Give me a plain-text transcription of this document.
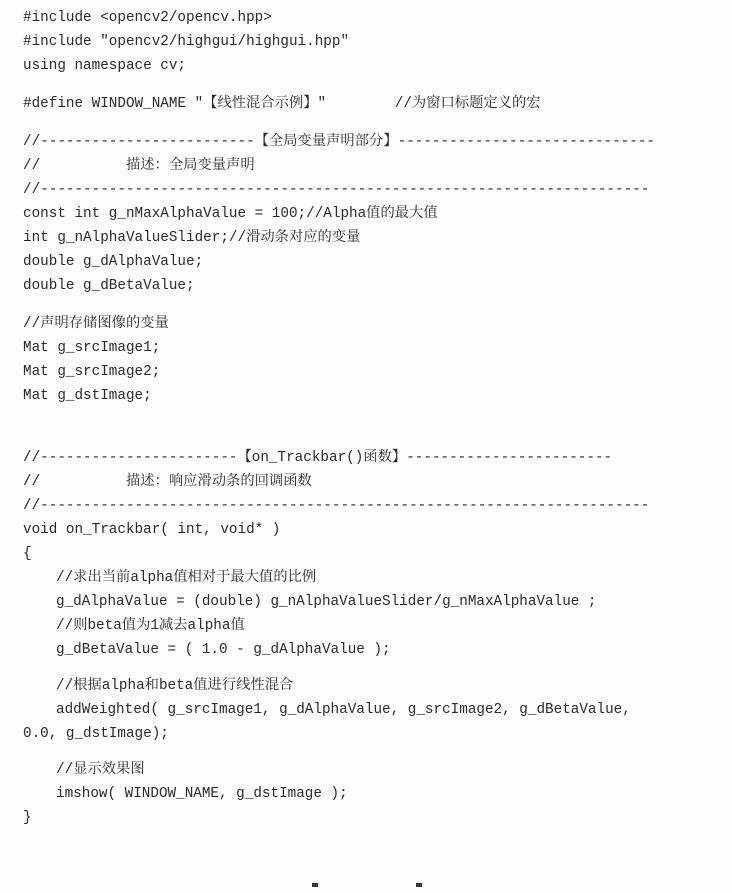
#include <opencv2/opencv.hpp>
#include "opencv2/highgui/highgui.hpp"
using namespace cv;
#define WINDOW_NAME "【线性混合示例】"        //为窗口标题定义的宏
//-------------------------【全局变量声明部分】------------------------------
//          描述：全局变量声明
//-----------------------------------------------------------------------
const int g_nMaxAlphaValue = 100;//Alpha值的最大值
int g_nAlphaValueSlider;//滑动条对应的变量
double g_dAlphaValue;
double g_dBetaValue;
//声明存储图像的变量
Mat g_srcImage1;
Mat g_srcImage2;
Mat g_dstImage;
//-----------------------【on_Trackbar()函数】------------------------
//          描述：响应滑动条的回调函数
//-----------------------------------------------------------------------
void on_Trackbar( int, void* )
{
//求出当前alpha值相对于最大值的比例
g_dAlphaValue = (double) g_nAlphaValueSlider/g_nMaxAlphaValue ;
//则beta值为1减去alpha值
g_dBetaValue = ( 1.0 - g_dAlphaValue );
//根据alpha和beta值进行线性混合
addWeighted( g_srcImage1, g_dAlphaValue, g_srcImage2, g_dBetaValue,
0.0, g_dstImage);
//显示效果图
imshow( WINDOW_NAME, g_dstImage );
}
